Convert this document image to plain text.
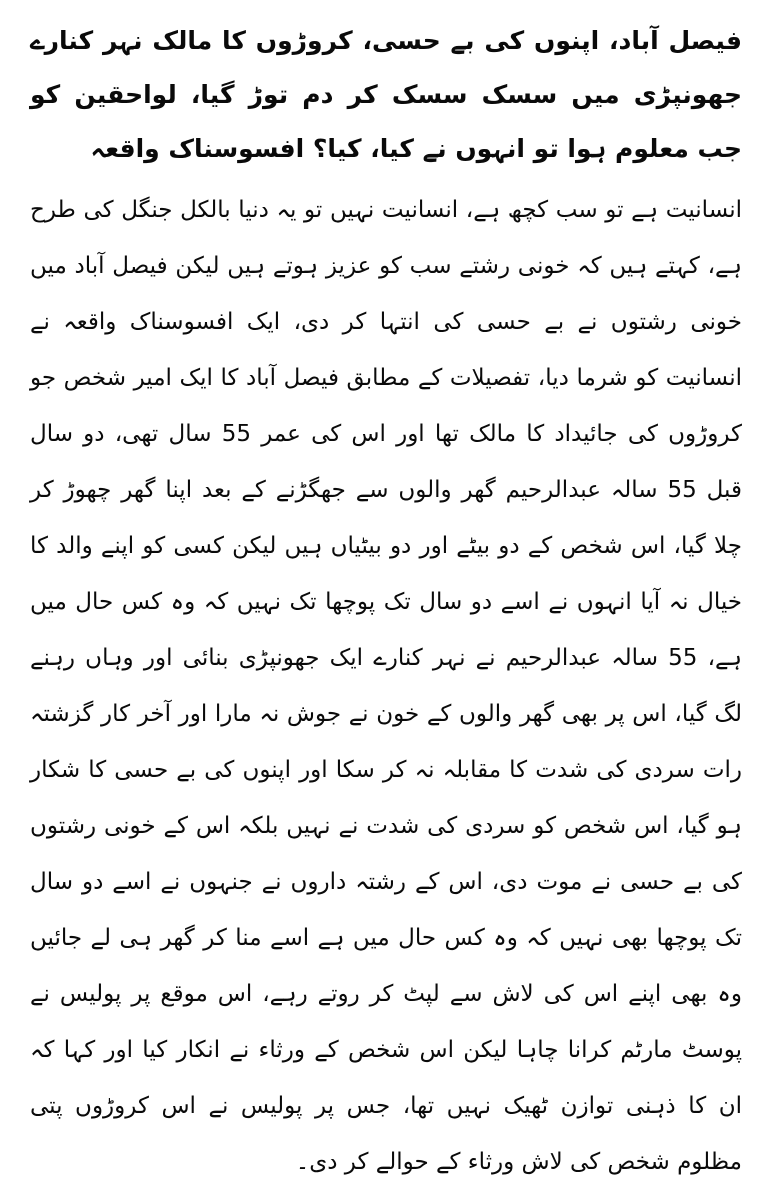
فیصل آباد، اپنوں کی بے حسی، کروڑوں کا مالک نہر کنارے جھونپڑی میں سسک سسک کر دم توڑ گیا، لواحقین کو جب معلوم ہوا تو انہوں نے کیا، کیا؟ افسوسناک واقعہ

انسانیت ہے تو سب کچھ ہے، انسانیت نہیں تو یہ دنیا بالکل جنگل کی طرح ہے، کہتے ہیں کہ خونی رشتے سب کو عزیز ہوتے ہیں لیکن فیصل آباد میں خونی رشتوں نے بے حسی کی انتہا کر دی، ایک افسوسناک واقعہ نے انسانیت کو شرما دیا، تفصیلات کے مطابق فیصل آباد کا ایک امیر شخص جو کروڑوں کی جائیداد کا مالک تھا اور اس کی عمر 55 سال تھی، دو سال قبل 55 سالہ عبدالرحیم گھر والوں سے جھگڑنے کے بعد اپنا گھر چھوڑ کر چلا گیا، اس شخص کے دو بیٹے اور دو بیٹیاں ہیں لیکن کسی کو اپنے والد کا خیال نہ آیا انہوں نے اسے دو سال تک پوچھا تک نہیں کہ وہ کس حال میں ہے، 55 سالہ عبدالرحیم نے نہر کنارے ایک جھونپڑی بنائی اور وہاں رہنے لگ گیا، اس پر بھی گھر والوں کے خون نے جوش نہ مارا اور آخر کار گزشتہ رات سردی کی شدت کا مقابلہ نہ کر سکا اور اپنوں کی بے حسی کا شکار ہو گیا، اس شخص کو سردی کی شدت نے نہیں بلکہ اس کے خونی رشتوں کی بے حسی نے موت دی، اس کے رشتہ داروں نے جنہوں نے اسے دو سال تک پوچھا بھی نہیں کہ وہ کس حال میں ہے اسے منا کر گھر ہی لے جائیں وہ بھی اپنے اس کی لاش سے لپٹ کر روتے رہے، اس موقع پر پولیس نے پوسٹ مارٹم کرانا چاہا لیکن اس شخص کے ورثاء نے انکار کیا اور کہا کہ ان کا ذہنی توازن ٹھیک نہیں تھا، جس پر پولیس نے اس کروڑوں پتی مظلوم شخص کی لاش ورثاء کے حوالے کر دی۔
